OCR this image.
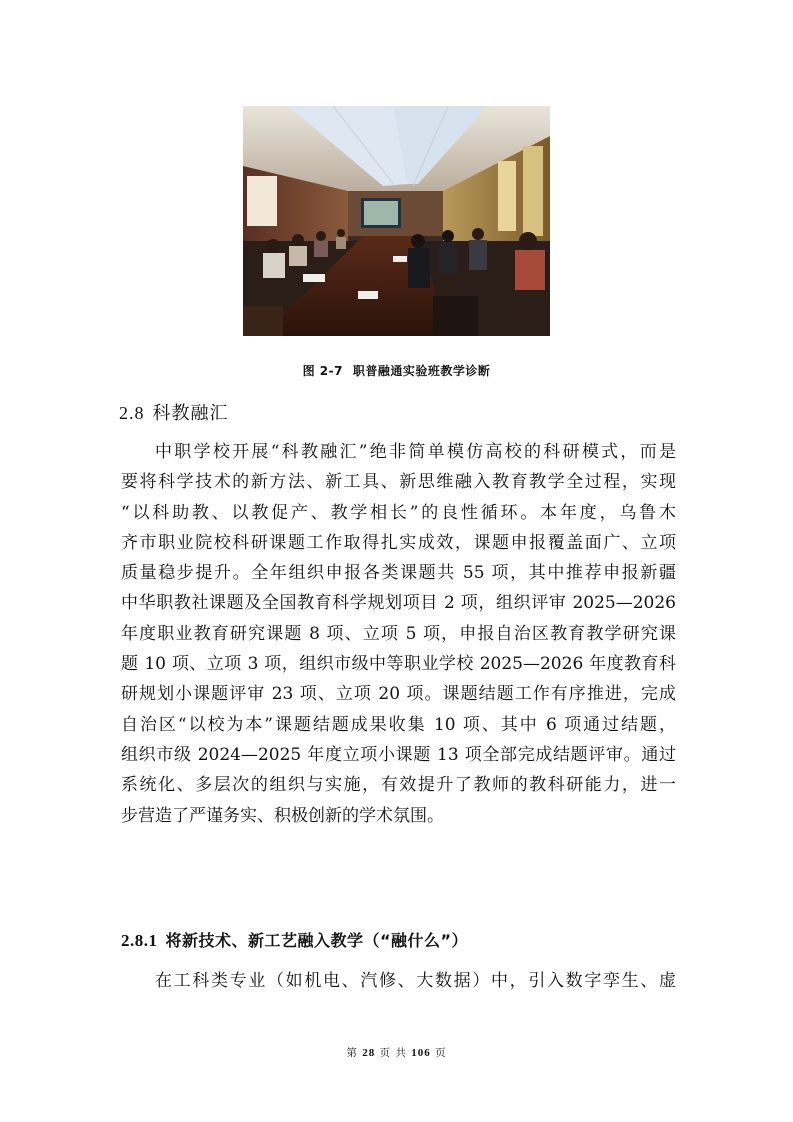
图 2-7 职普融通实验班教学诊断
2.8 科教融汇
中职学校开展“科教融汇”绝非简单模仿高校的科研模式，而是
要将科学技术的新方法、新工具、新思维融入教育教学全过程，实现
“以科助教、以教促产、教学相长”的良性循环。本年度，乌鲁木
齐市职业院校科研课题工作取得扎实成效，课题申报覆盖面广、立项
质量稳步提升。全年组织申报各类课题共 55 项，其中推荐申报新疆
中华职教社课题及全国教育科学规划项目 2 项，组织评审 2025—2026
年度职业教育研究课题 8 项、立项 5 项，申报自治区教育教学研究课
题 10 项、立项 3 项，组织市级中等职业学校 2025—2026 年度教育科
研规划小课题评审 23 项、立项 20 项。课题结题工作有序推进，完成
自治区“以校为本”课题结题成果收集 10 项、其中 6 项通过结题，
组织市级 2024—2025 年度立项小课题 13 项全部完成结题评审。通过
系统化、多层次的组织与实施，有效提升了教师的教科研能力，进一
步营造了严谨务实、积极创新的学术氛围。
2.8.1 将新技术、新工艺融入教学（“融什么”）
在工科类专业（如机电、汽修、大数据）中，引入数字孪生、虚
第 28 页 共 106 页
